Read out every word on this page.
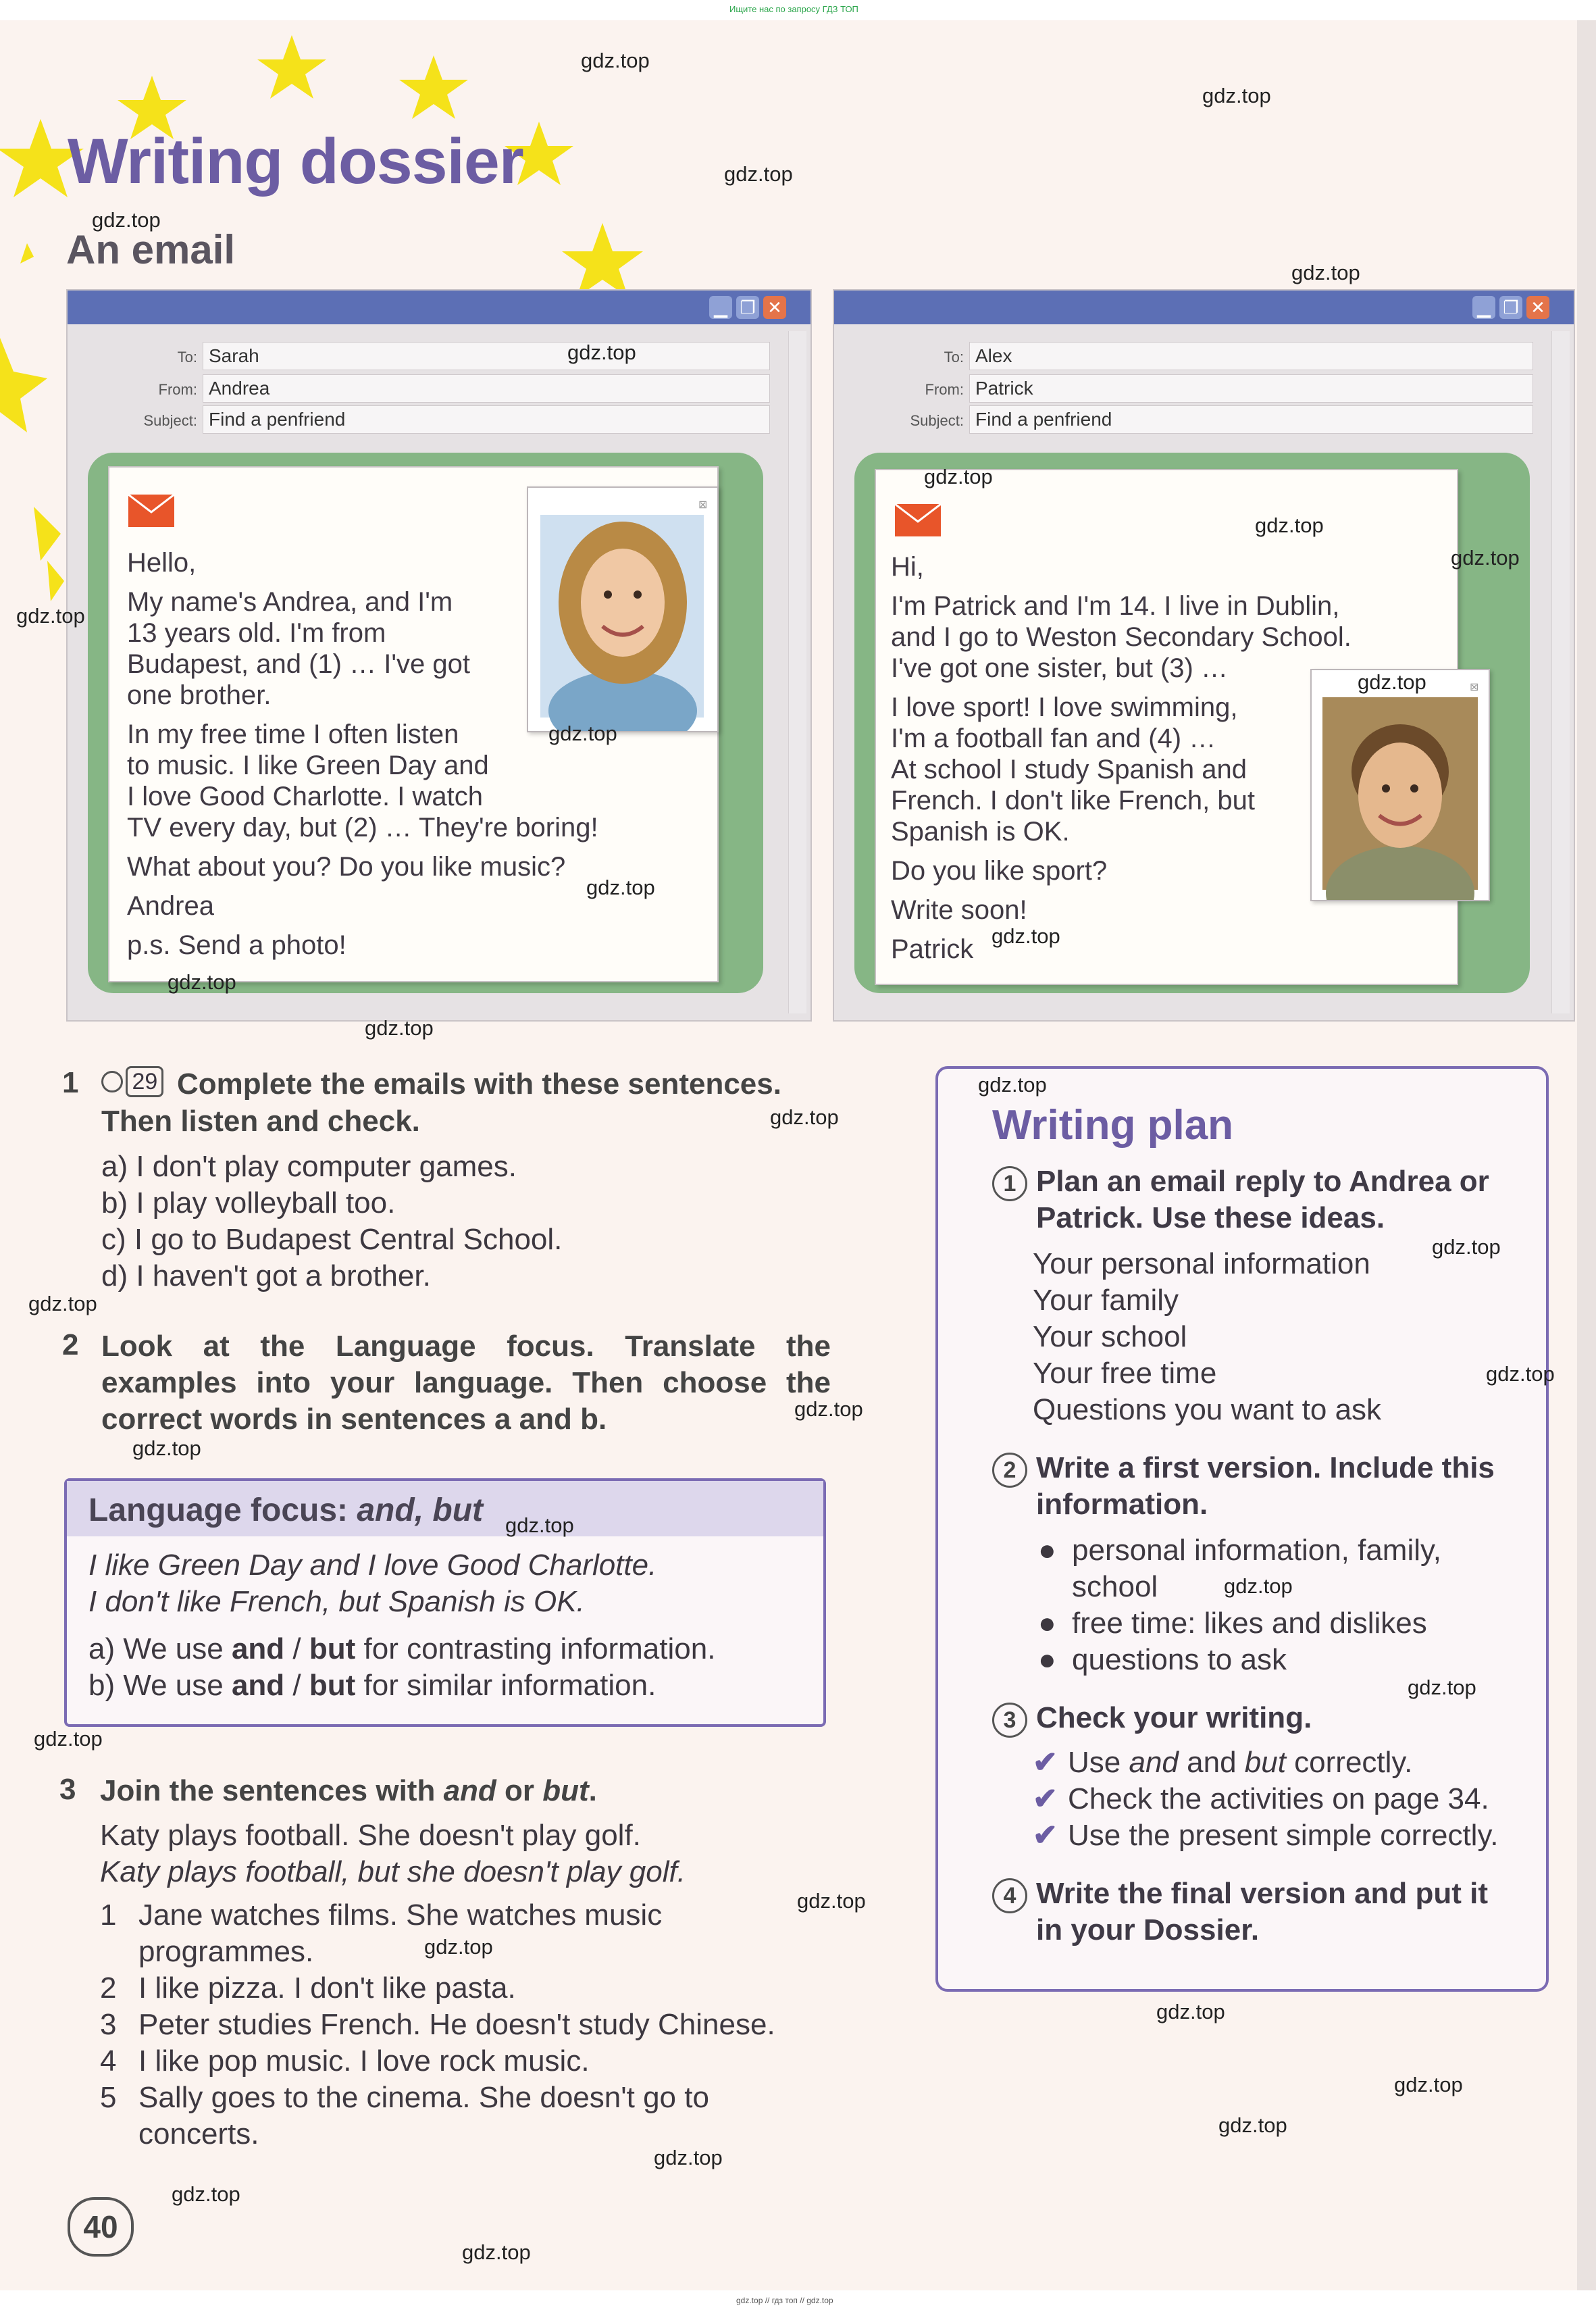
Ищите нас по запросу ГДЗ ТОП
Writing dossier
An email
▁ ❐ ✕
To: Sarah
From: Andrea
Subject: Find a penfriend
Hello,
My name's Andrea, and I'm
13 years old. I'm from
Budapest, and (1) … I've got
one brother.
In my free time I often listen
to music. I like Green Day and
I love Good Charlotte. I watch
TV every day, but (2) … They're boring!
What about you? Do you like music?
Andrea
p.s. Send a photo!
⊠
▁ ❐ ✕
To: Alex
From: Patrick
Subject: Find a penfriend
Hi,
I'm Patrick and I'm 14. I live in Dublin,
and I go to Weston Secondary School.
I've got one sister, but (3) …
I love sport! I love swimming,
I'm a football fan and (4) …
At school I study Spanish and
French. I don't like French, but
Spanish is OK.
Do you like sport?
Write soon!
Patrick
⊠
1	29 Complete the emails with these sentences.
Then listen and check.
a) I don't play computer games.
b) I play volleyball too.
c) I go to Budapest Central School.
d) I haven't got a brother.
2 Look at the Language focus. Translate the
examples into your language. Then choose the
correct words in sentences a and b.
Language focus: and, but
I like Green Day and I love Good Charlotte.
I don't like French, but Spanish is OK.
a) We use and / but for contrasting information.
b) We use and / but for similar information.
3 Join the sentences with and or but.
Katy plays football. She doesn't play golf.
Katy plays football, but she doesn't play golf.
1 Jane watches films. She watches music
programmes.
2 I like pizza. I don't like pasta.
3 Peter studies French. He doesn't study Chinese.
4 I like pop music. I love rock music.
5 Sally goes to the cinema. She doesn't go to
concerts.
Writing plan
1 Plan an email reply to Andrea or
Patrick. Use these ideas.
Your personal information
Your family
Your school
Your free time
Questions you want to ask
2 Write a first version. Include this
information.
● personal information, family,
school
● free time: likes and dislikes
● questions to ask
3 Check your writing.
✔ Use and and but correctly.
✔ Check the activities on page 34.
✔ Use the present simple correctly.
4 Write the final version and put it
in your Dossier.
40
gdz.top
gdz.top
gdz.top
gdz.top
gdz.top
gdz.top
gdz.top
gdz.top
gdz.top
gdz.top
gdz.top
gdz.top
gdz.top
gdz.top
gdz.top
gdz.top
gdz.top
gdz.top
gdz.top
gdz.top
gdz.top
gdz.top
gdz.top
gdz.top
gdz.top
gdz.top
gdz.top
gdz.top
gdz.top
gdz.top
gdz.top
gdz.top
gdz.top
gdz.top
gdz.top
gdz.top // гдз топ // gdz.top
